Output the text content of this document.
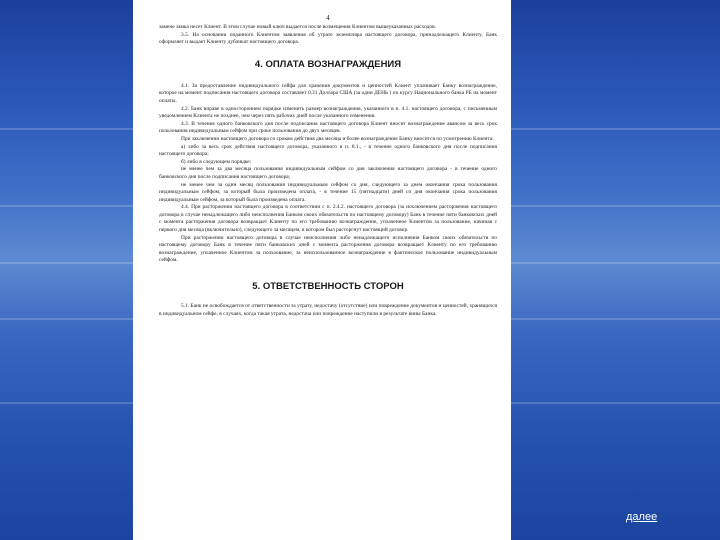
4

замене замка несет Клиент. В этом случае новый ключ выдается после возмещения Клиентом вышеуказанных расходов.

3.5. На основании поданного Клиентом заявления об утрате экземпляра настоящего договора, принадлежащего Клиенту, Банк оформляет и выдает Клиенту дубликат настоящего договора.

4. ОПЛАТА ВОЗНАГРАЖДЕНИЯ

4.1. За предоставление индивидуального сейфа для хранения документов и ценностей Клиент уплачивает Банку вознаграждение, которое на момент подписания настоящего договора составляет 0,31 Доллара США (за один ДЕНЬ ) по курсу Национального банка РБ на момент оплаты.

4.2. Банк вправе в одностороннем порядке изменить размер вознаграждения, указанного в п. 4.1. настоящего договора, с письменным уведомлением Клиента не позднее, чем через пять рабочих дней после указанного изменения.

4.3. В течение одного банковского дня после подписания настоящего договора Клиент вносит вознаграждение авансом за весь срок пользования индивидуальным сейфом при сроке пользования до двух месяцев.

При заключении настоящего договора со сроком действия два месяца и более вознаграждение Банку вносится по усмотрению Клиента:

а) либо за весь срок действия настоящего договора, указанного в п. 8.1., - в течение одного банковского дня после подписания настоящего договора;

б) либо в следующем порядке:

не менее чем за два месяца пользования индивидуальным сейфом со дня заключения настоящего договора - в течение одного банковского дня после подписания настоящего договора;

не менее чем за один месяц пользования индивидуальным сейфом со дня, следующего за днем окончания срока пользования индивидуальным сейфом, за который была произведена оплата, - в течение 15 (пятнадцати) дней со дня окончания срока пользования индивидуальным сейфом, за который была произведена оплата.

4.4. При расторжении настоящего договора в соответствии с п. 2.4.2. настоящего договора (за исключением расторжения настоящего договора в случае ненадлежащего либо неисполнения Банком своих обязательств по настоящему договору) Банк в течение пяти банковских дней с момента расторжения договора возвращает Клиенту по его требованию вознаграждение, уплаченное Клиентом за пользование, начиная с первого дня месяца (включительно), следующего за месяцем, в котором был расторгнут настоящий договор.

При расторжении настоящего договора в случае неисполнения либо ненадлежащего исполнения Банком своих обязательств по настоящему договору Банк в течение пяти банковских дней с момента расторжения договора возвращает Клиенту по его требованию вознаграждение, уплаченное Клиентом за пользование, за неиспользованное вознаграждение в фактическое пользование индивидуальным сейфом.

5. ОТВЕТСТВЕННОСТЬ СТОРОН

5.1. Банк не освобождается от ответственности за утрату, недостачу (отсутствие) или повреждение документов и ценностей, хранящихся в индивидуальном сейфе, в случаях, когда такая утрата, недостача или повреждение наступили в результате вины Банка.

далее
